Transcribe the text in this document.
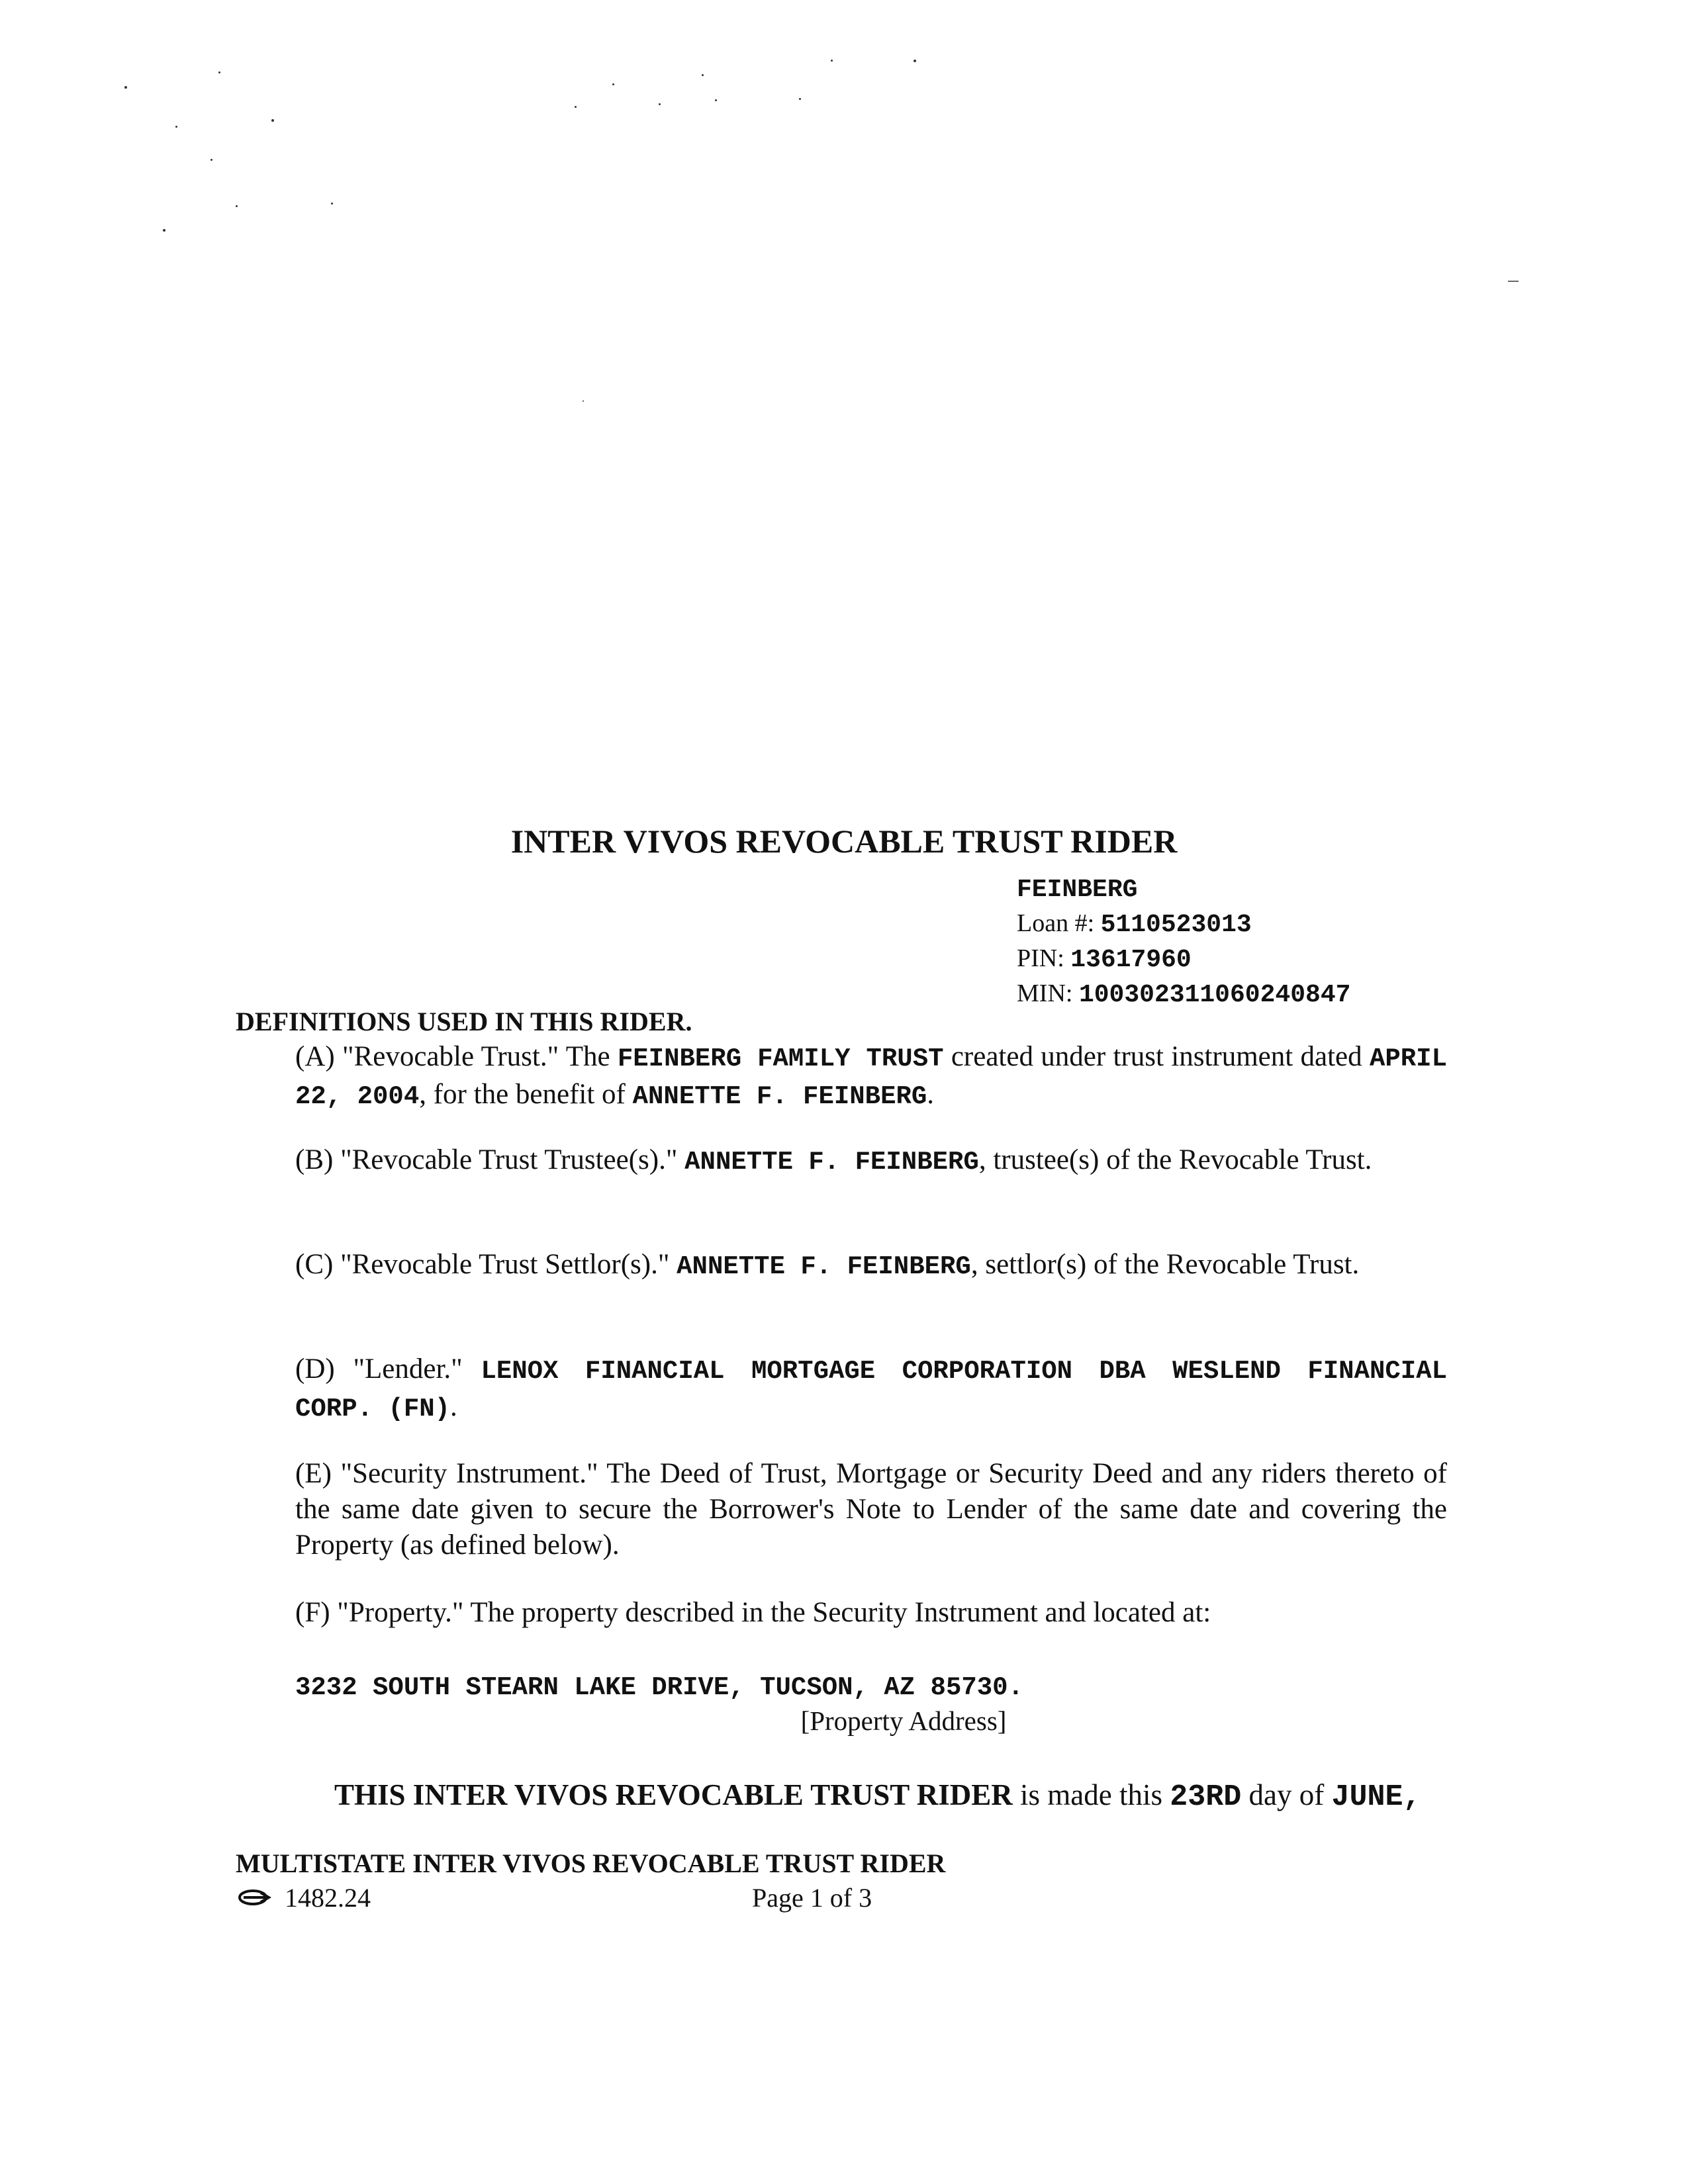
INTER VIVOS REVOCABLE TRUST RIDER
FEINBERG
Loan #: 5110523013
PIN: 13617960
MIN: 100302311060240847
DEFINITIONS USED IN THIS RIDER.
(A) "Revocable Trust." The FEINBERG FAMILY TRUST created under trust instrument dated APRIL 22, 2004, for the benefit of ANNETTE F. FEINBERG.
(B) "Revocable Trust Trustee(s)." ANNETTE F. FEINBERG, trustee(s) of the Revocable Trust.
(C) "Revocable Trust Settlor(s)." ANNETTE F. FEINBERG, settlor(s) of the Revocable Trust.
(D) "Lender." LENOX FINANCIAL MORTGAGE CORPORATION DBA WESLEND FINANCIAL CORP. (FN).
(E) "Security Instrument." The Deed of Trust, Mortgage or Security Deed and any riders thereto of the same date given to secure the Borrower's Note to Lender of the same date and covering the Property (as defined below).
(F) "Property." The property described in the Security Instrument and located at:
3232 SOUTH STEARN LAKE DRIVE, TUCSON, AZ 85730.
[Property Address]
THIS INTER VIVOS REVOCABLE TRUST RIDER is made this 23RD day of JUNE,
MULTISTATE INTER VIVOS REVOCABLE TRUST RIDER
1482.24	Page 1 of 3
